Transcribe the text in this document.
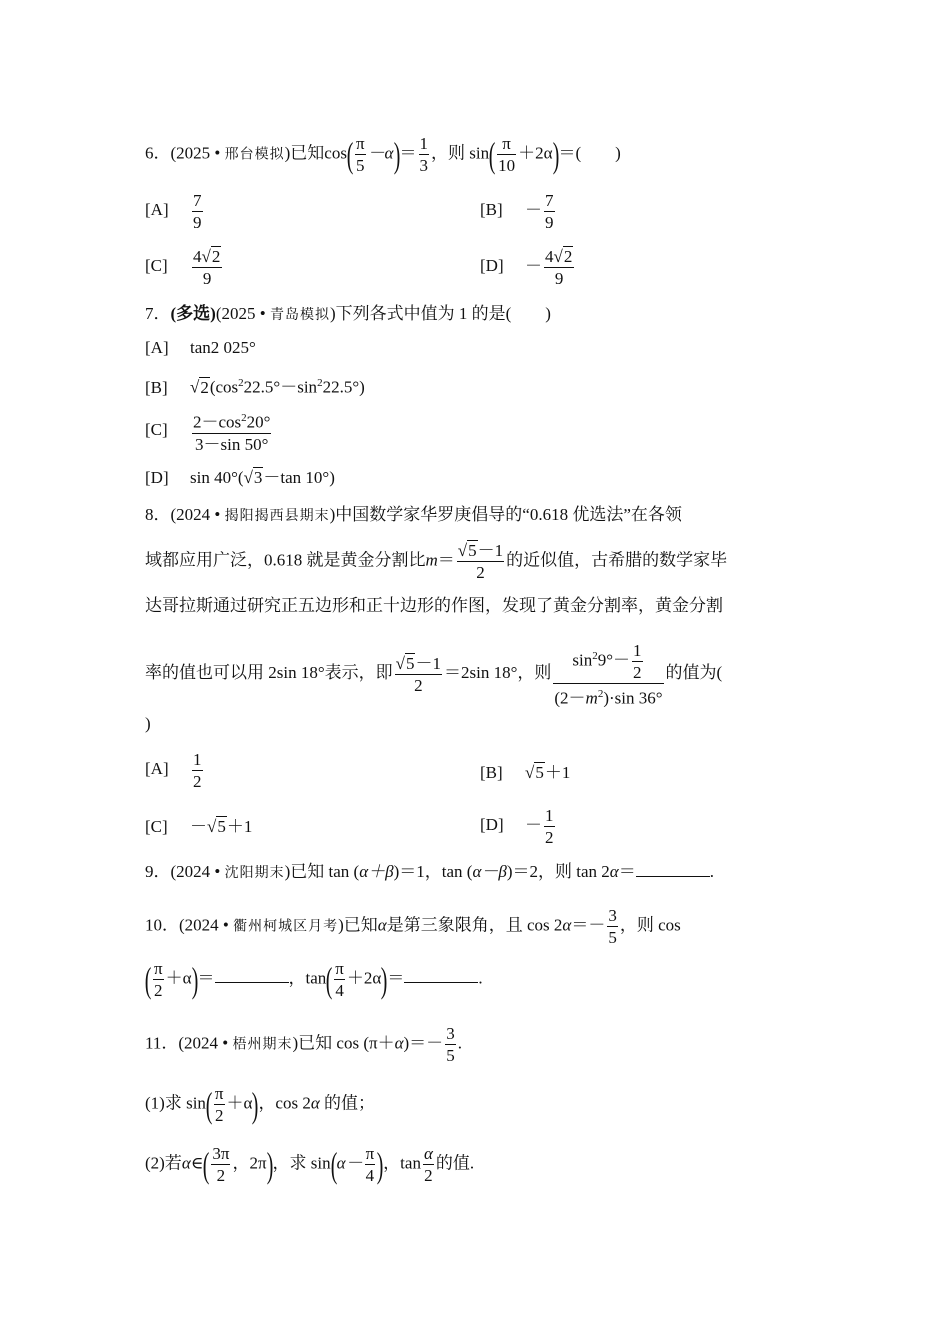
6．(2025 • 邢台模拟)已知$\cos( \frac{\pi}{5} -\alpha)= \frac{1}{3}$ ，则 $\sin( \frac{\pi}{10} +2\alpha)=$(　　)
$[A] \frac{7}{9}$	$[B] - \frac{7}{9}$
$[C] \frac{4√2}{9}$	$[D] - \frac{4√2}{9}$
7．(多选)(2025 • 青岛模拟)下列各式中值为 1 的是(　　)
[A] tan2 025°
[B] $√2(\cos^222.5^\circ-\sin^222.5^\circ)$
$[C] \frac{2-\cos^220^\circ}{3-\sin 50^\circ}$
[D] sin 40°(√3－tan 10°)
8．(2024 • 揭阳揭西县期末)中国数学家华罗庚倡导的“0.618 优选法”在各领
域都应用广泛，0.618 就是黄金分割比$m= \frac{√5-1}{2}$ 的近似值，古希腊的数学家毕
达哥拉斯通过研究正五边形和正十边形的作图，发现了黄金分割率，黄金分割
率的值也可以用 2sin 18°表示，即 $\frac{√5-1}{2} =2\sin$ 18°，则 $\frac{\sin^29^\circ- \frac{1}{2}}{(2-m^2)\cdot\sin 36^\circ}$ 的值为(
)
$[A] \frac{1}{2}$	[B] √5＋1
[C] －√5＋1	$[D] - \frac{1}{2}$
9．(2024 • 沈阳期末)已知 tan (α＋β)＝1，tan (α－β)＝2，则 tan 2α＝	.
10．(2024 • 衢州柯城区月考)已知α是第三象限角，且 $\cos 2\alpha=- \frac{3}{5}$ ，则 cos
( $\frac{\pi}{2} +\alpha)=$	，$\tan( \frac{\pi}{4} +2\alpha)=$	.
11．(2024 • 梧州期末)已知 $\cos (\pi+\alpha)=- \frac{3}{5}$ .
(1)求 $\sin( \frac{\pi}{2} +\alpha)$，cos 2α 的值；
(2)若α∈( $\frac{3\pi}{2}$ ，2π)，求 $\sin(\alpha- \frac{\pi}{4}$ )，$\tan \frac{\alpha}{2}$ 的值.
